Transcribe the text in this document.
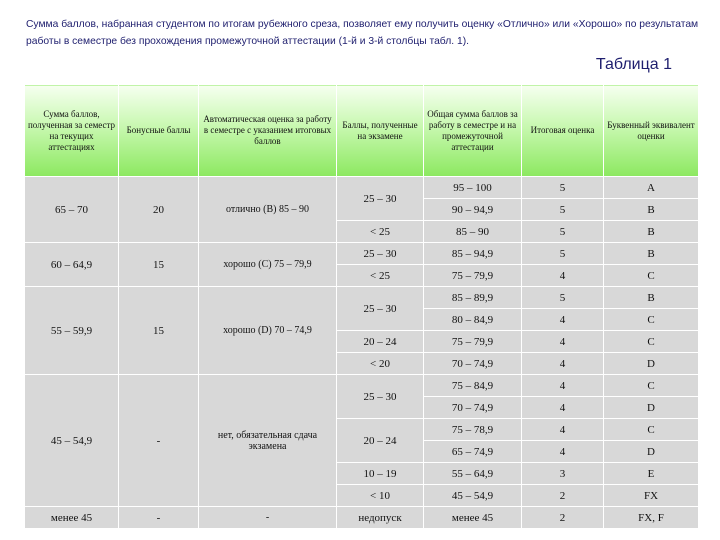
Сумма баллов, набранная студентом по итогам рубежного среза, позволяет ему получить оценку «Отлично» или «Хорошо» по результатам работы в семестре без прохождения промежуточной аттестации (1-й и 3-й столбцы табл. 1).
Таблица 1
Сумма баллов, полученная за семестр на текущих аттестациях	Бонусные баллы	Автоматическая оценка за работу в семестре с указанием итоговых баллов	Баллы, полученные на экзамене	Общая сумма баллов за работу в семестре и на промежуточной аттестации	Итоговая оценка	Буквенный эквивалент оценки
65 – 70	20	отлично (В) 85 – 90	25 – 30	95 – 100	5	A
				90 – 94,9	5	B
			< 25	85 – 90	5	B
60 – 64,9	15	хорошо (С) 75 – 79,9	25 – 30	85 – 94,9	5	B
			< 25	75 – 79,9	4	C
55 – 59,9	15	хорошо (D) 70 – 74,9	25 – 30	85 – 89,9	5	B
				80 – 84,9	4	C
			20 – 24	75 – 79,9	4	C
			< 20	70 – 74,9	4	D
45 – 54,9	-	нет, обязательная сдача экзамена	25 – 30	75 – 84,9	4	C
				70 – 74,9	4	D
			20 – 24	75 – 78,9	4	C
				65 – 74,9	4	D
			10 – 19	55 – 64,9	3	E
			< 10	45 – 54,9	2	FX
менее 45	-	-	недопуск	менее 45	2	FX, F
